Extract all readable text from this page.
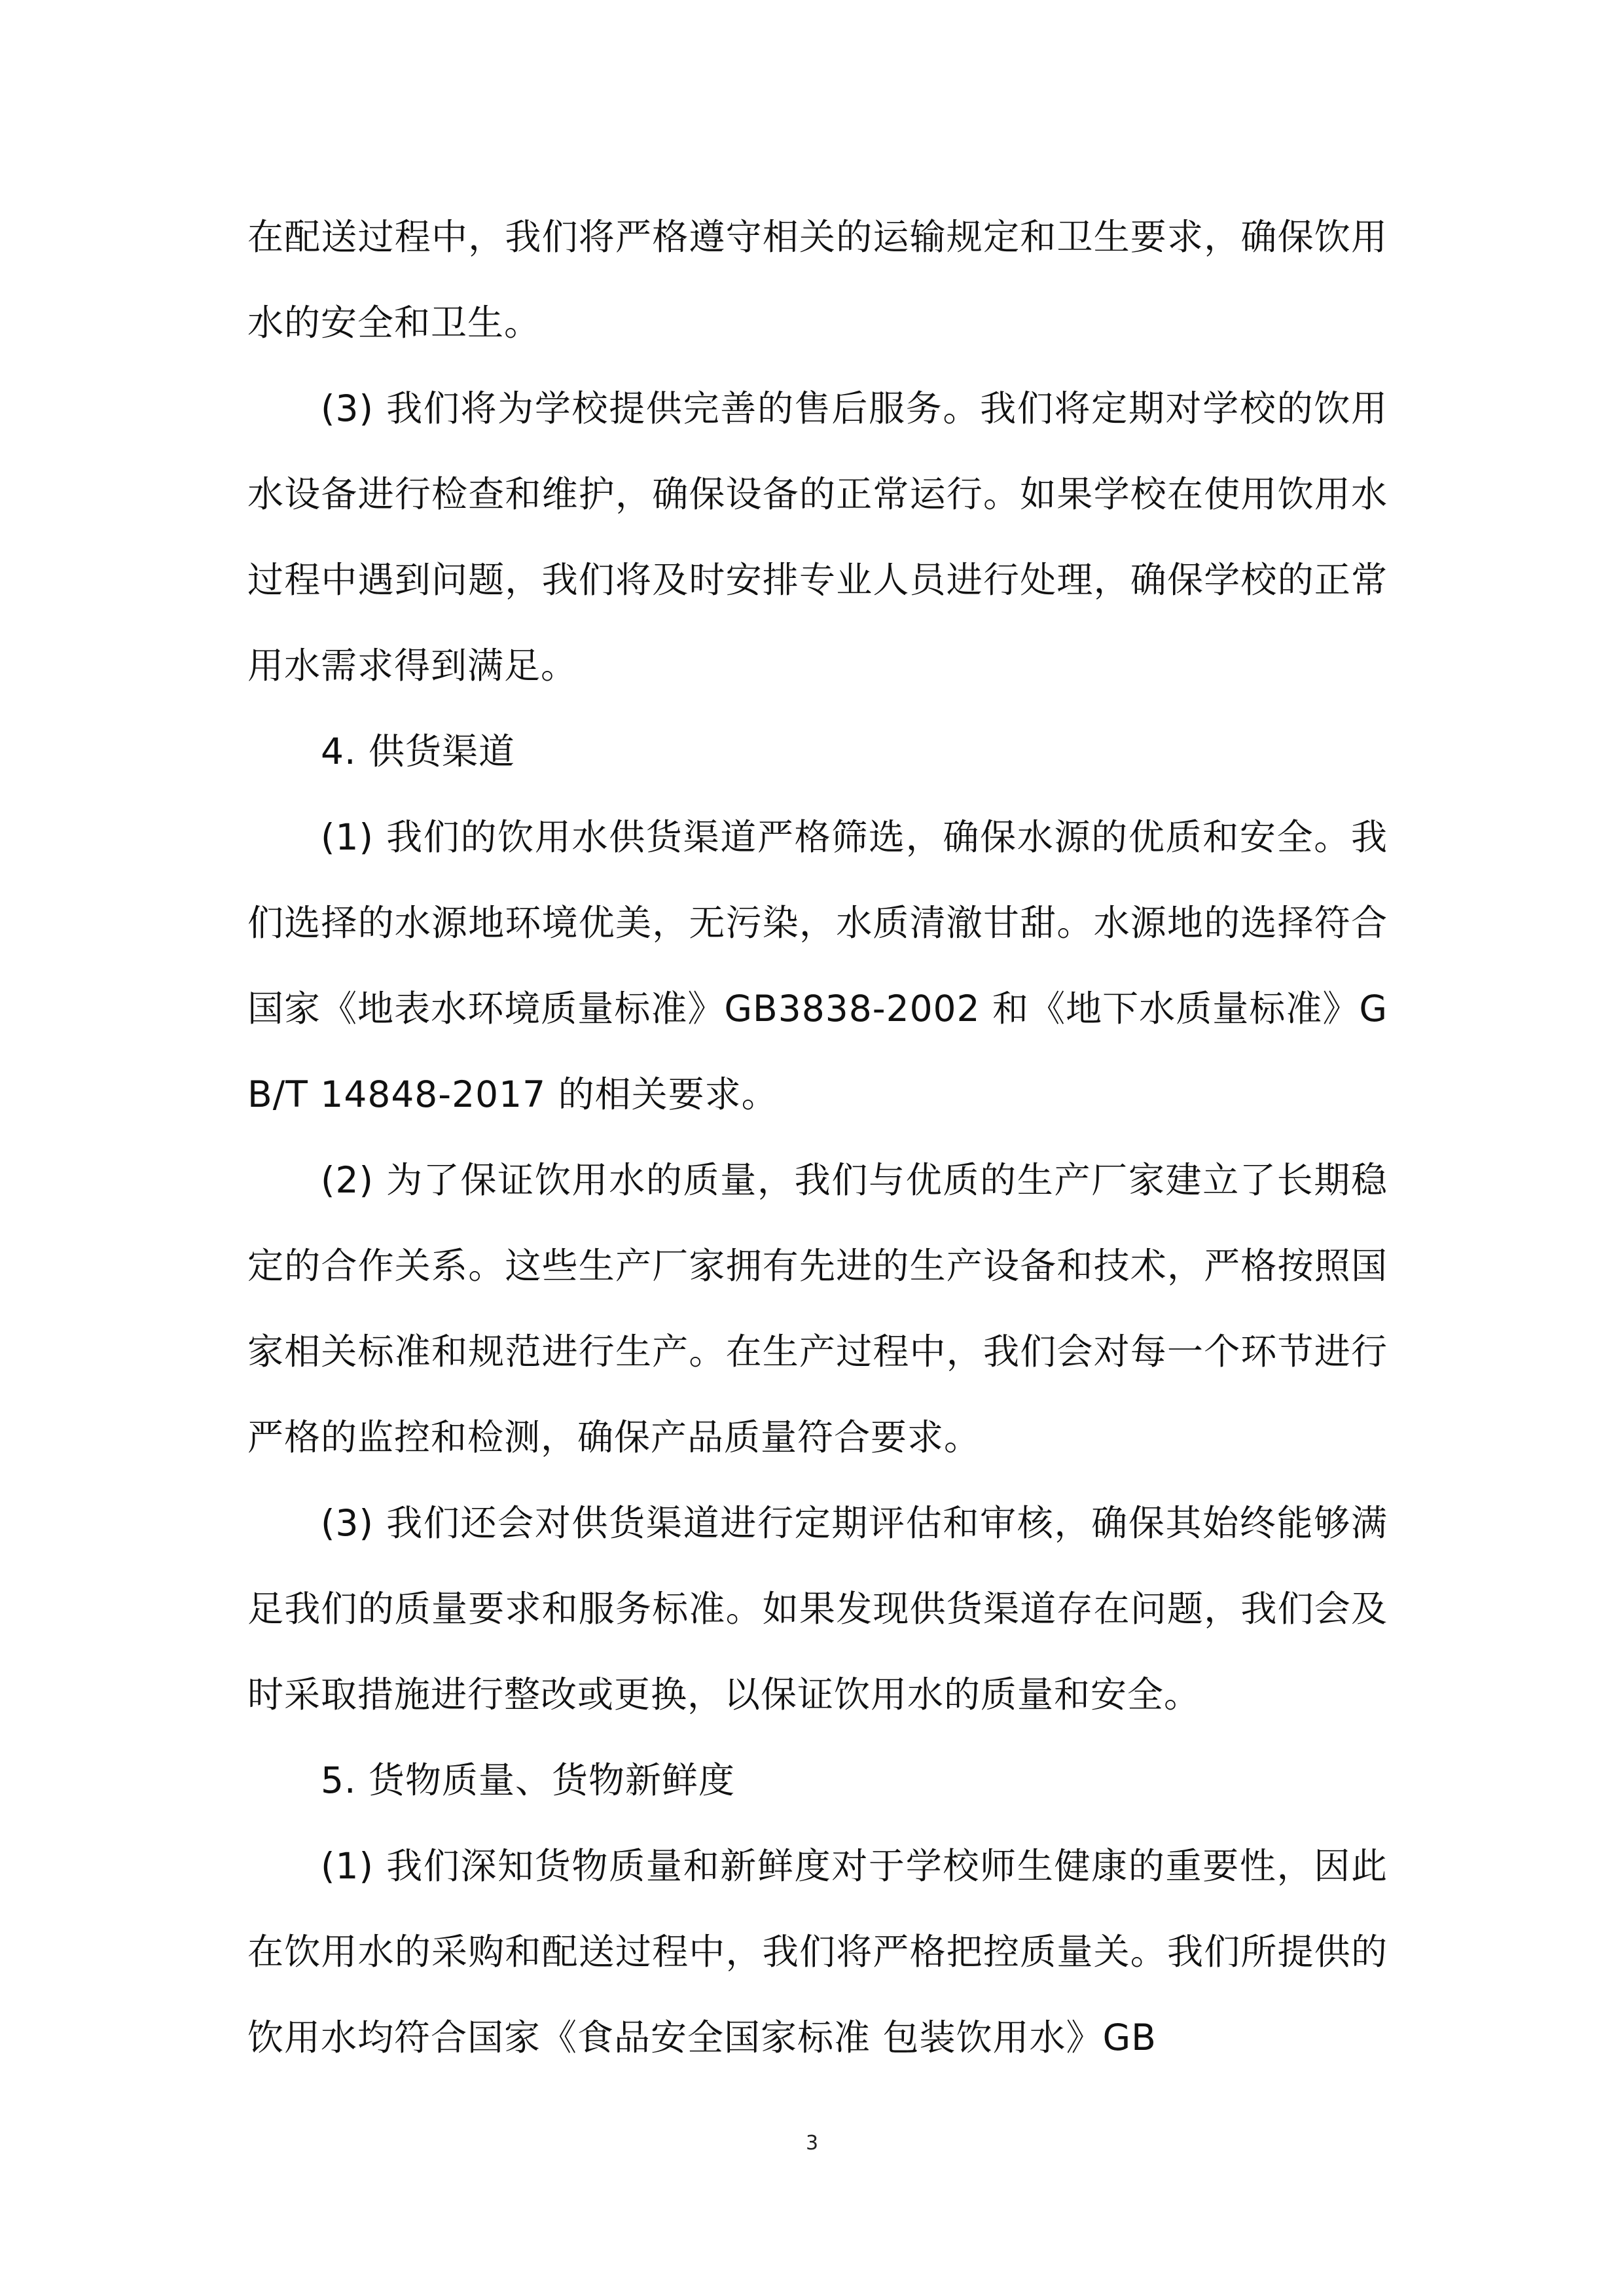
在配送过程中，我们将严格遵守相关的运输规定和卫生要求，确保饮用水的安全和卫生。

(3) 我们将为学校提供完善的售后服务。我们将定期对学校的饮用水设备进行检查和维护，确保设备的正常运行。如果学校在使用饮用水过程中遇到问题，我们将及时安排专业人员进行处理，确保学校的正常用水需求得到满足。

4. 供货渠道

(1) 我们的饮用水供货渠道严格筛选，确保水源的优质和安全。我们选择的水源地环境优美，无污染，水质清澈甘甜。水源地的选择符合国家《地表水环境质量标准》GB3838-2002 和《地下水质量标准》GB/T 14848-2017 的相关要求。

(2) 为了保证饮用水的质量，我们与优质的生产厂家建立了长期稳定的合作关系。这些生产厂家拥有先进的生产设备和技术，严格按照国家相关标准和规范进行生产。在生产过程中，我们会对每一个环节进行严格的监控和检测，确保产品质量符合要求。

(3) 我们还会对供货渠道进行定期评估和审核，确保其始终能够满足我们的质量要求和服务标准。如果发现供货渠道存在问题，我们会及时采取措施进行整改或更换，以保证饮用水的质量和安全。

5. 货物质量、货物新鲜度

(1) 我们深知货物质量和新鲜度对于学校师生健康的重要性，因此在饮用水的采购和配送过程中，我们将严格把控质量关。我们所提供的饮用水均符合国家《食品安全国家标准 包装饮用水》GB

3
